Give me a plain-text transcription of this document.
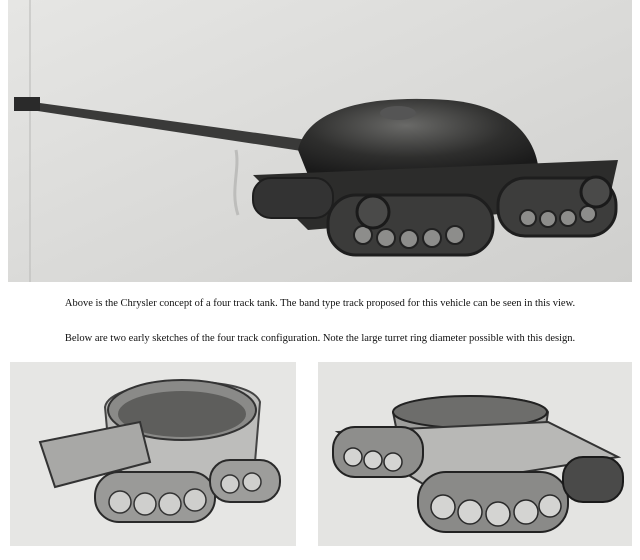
Above is the Chrysler concept of a four track tank. The band type track proposed for this vehicle can be seen in this view.
Below are two early sketches of the four track configuration. Note the large turret ring diameter possible with this design.
